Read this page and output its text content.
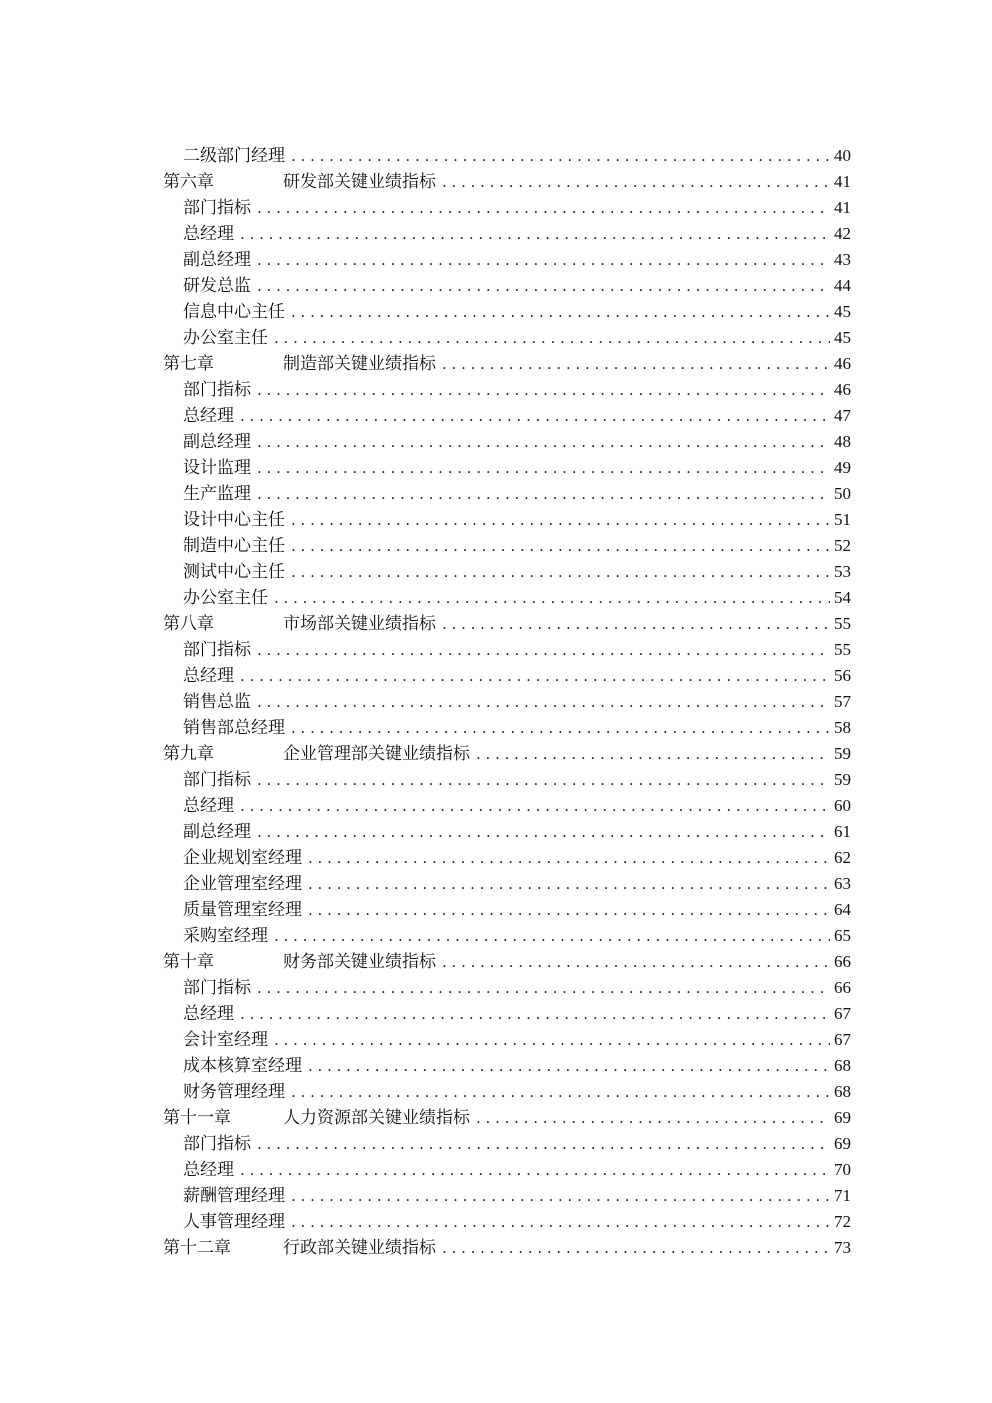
二级部门经理 . . .	40
第六章	研发部关键业绩指标 . . .	41
部门指标 . . .	41
总经理 . . .	42
副总经理 . . .	43
研发总监 . . .	44
信息中心主任 . . .	45
办公室主任 . . .	45
第七章	制造部关键业绩指标 . . .	46
部门指标 . . .	46
总经理 . . .	47
副总经理 . . .	48
设计监理 . . .	49
生产监理 . . .	50
设计中心主任 . . .	51
制造中心主任 . . .	52
测试中心主任 . . .	53
办公室主任 . . .	54
第八章	市场部关键业绩指标 . . .	55
部门指标 . . .	55
总经理 . . .	56
销售总监 . . .	57
销售部总经理 . . .	58
第九章	企业管理部关键业绩指标 . . .	59
部门指标 . . .	59
总经理 . . .	60
副总经理 . . .	61
企业规划室经理 . . .	62
企业管理室经理 . . .	63
质量管理室经理 . . .	64
采购室经理 . . .	65
第十章	财务部关键业绩指标 . . .	66
部门指标 . . .	66
总经理 . . .	67
会计室经理 . . .	67
成本核算室经理 . . .	68
财务管理经理 . . .	68
第十一章	人力资源部关键业绩指标 . . .	69
部门指标 . . .	69
总经理 . . .	70
薪酬管理经理 . . .	71
人事管理经理 . . .	72
第十二章	行政部关键业绩指标 . . .	73
